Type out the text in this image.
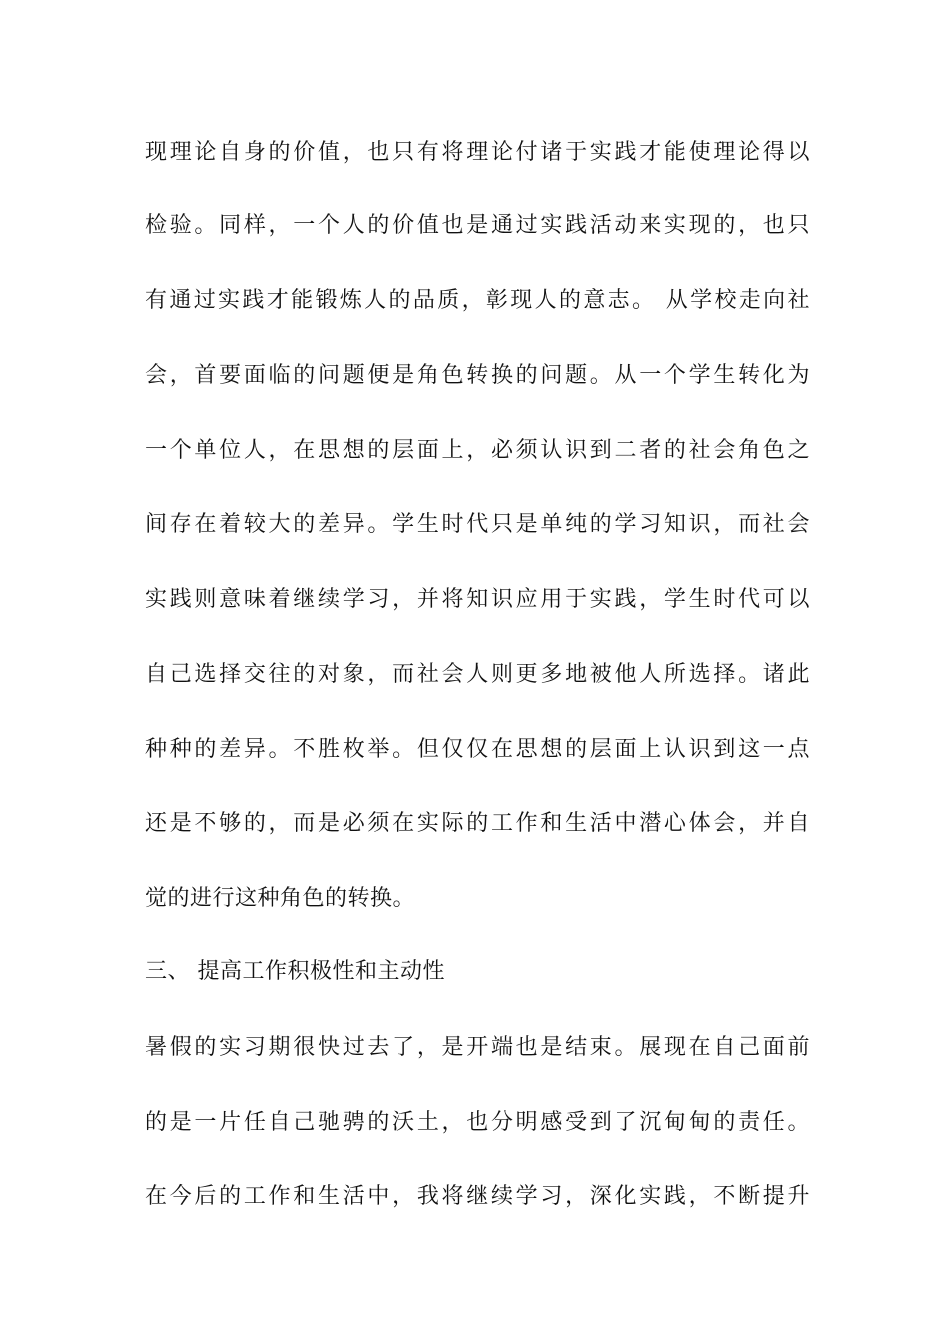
现理论自身的价值，也只有将理论付诸于实践才能使理论得以
检验。同样，一个人的价值也是通过实践活动来实现的，也只
有通过实践才能锻炼人的品质，彰现人的意志。 从学校走向社
会，首要面临的问题便是角色转换的问题。从一个学生转化为
一个单位人，在思想的层面上，必须认识到二者的社会角色之
间存在着较大的差异。学生时代只是单纯的学习知识，而社会
实践则意味着继续学习，并将知识应用于实践，学生时代可以
自己选择交往的对象，而社会人则更多地被他人所选择。诸此
种种的差异。不胜枚举。但仅仅在思想的层面上认识到这一点
还是不够的，而是必须在实际的工作和生活中潜心体会，并自
觉的进行这种角色的转换。
三、 提高工作积极性和主动性
暑假的实习期很快过去了，是开端也是结束。展现在自己面前
的是一片任自己驰骋的沃土，也分明感受到了沉甸甸的责任。
在今后的工作和生活中，我将继续学习，深化实践，不断提升
